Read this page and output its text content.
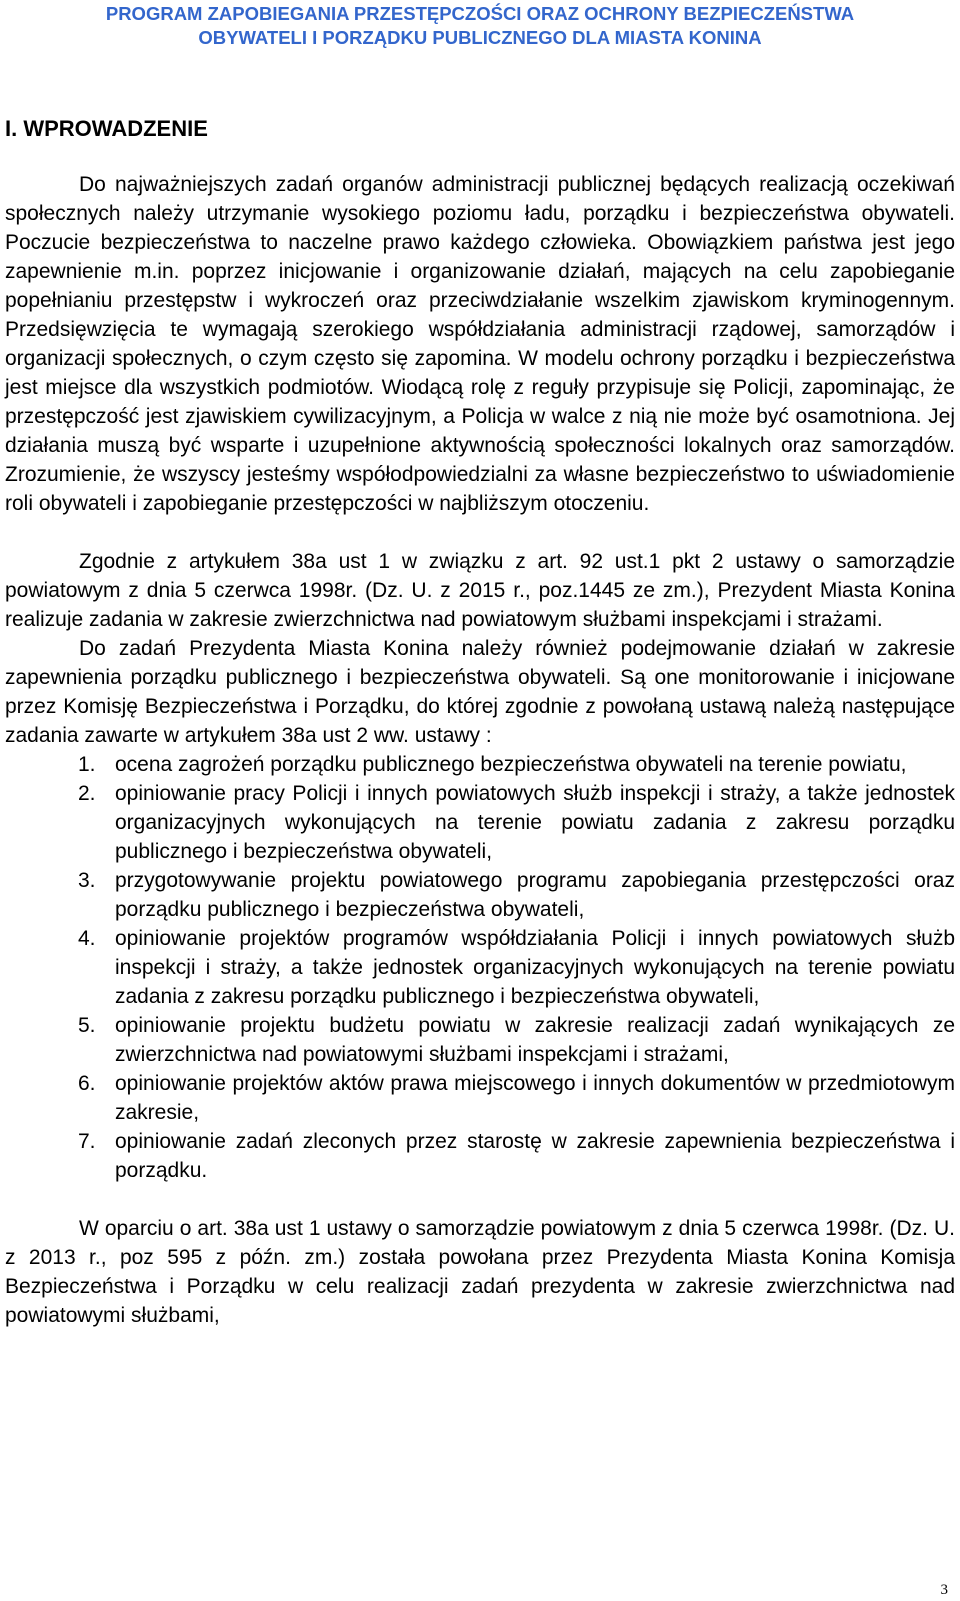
PROGRAM ZAPOBIEGANIA PRZESTĘPCZOŚCI ORAZ OCHRONY BEZPIECZEŃSTWA
OBYWATELI I PORZĄDKU PUBLICZNEGO DLA MIASTA KONINA
I. WPROWADZENIE

Do najważniejszych zadań organów administracji publicznej będących realizacją oczekiwań społecznych należy utrzymanie wysokiego poziomu ładu, porządku i bezpieczeństwa obywateli. Poczucie bezpieczeństwa to naczelne prawo każdego człowieka. Obowiązkiem państwa jest jego zapewnienie m.in. poprzez inicjowanie i organizowanie działań, mających na celu zapobieganie popełnianiu przestępstw i wykroczeń oraz przeciwdziałanie wszelkim zjawiskom kryminogennym. Przedsięwzięcia te wymagają szerokiego współdziałania administracji rządowej, samorządów i organizacji społecznych, o czym często się zapomina. W modelu ochrony porządku i bezpieczeństwa jest miejsce dla wszystkich podmiotów. Wiodącą rolę z reguły przypisuje się Policji, zapominając, że przestępczość jest zjawiskiem cywilizacyjnym, a Policja w walce z nią nie może być osamotniona. Jej działania muszą być wsparte i uzupełnione aktywnością społeczności lokalnych oraz samorządów. Zrozumienie, że wszyscy jesteśmy współodpowiedzialni za własne bezpieczeństwo to uświadomienie roli obywateli i zapobieganie przestępczości w najbliższym otoczeniu.

Zgodnie z artykułem 38a ust 1 w związku z art. 92 ust.1 pkt 2 ustawy o samorządzie powiatowym z dnia 5 czerwca 1998r. (Dz. U. z 2015 r., poz.1445 ze zm.), Prezydent Miasta Konina realizuje zadania w zakresie zwierzchnictwa nad powiatowym służbami inspekcjami i strażami.

Do zadań Prezydenta Miasta Konina należy również podejmowanie działań w zakresie zapewnienia porządku publicznego i bezpieczeństwa obywateli. Są one monitorowanie i inicjowane przez Komisję Bezpieczeństwa i Porządku, do której zgodnie z powołaną ustawą należą następujące zadania zawarte w artykułem 38a ust 2 ww. ustawy :

1. ocena zagrożeń porządku publicznego bezpieczeństwa obywateli na terenie powiatu,
2. opiniowanie pracy Policji i innych powiatowych służb inspekcji i straży, a także jednostek organizacyjnych wykonujących na terenie powiatu zadania z zakresu porządku publicznego i bezpieczeństwa obywateli,
3. przygotowywanie projektu powiatowego programu zapobiegania przestępczości oraz porządku publicznego i bezpieczeństwa obywateli,
4. opiniowanie projektów programów współdziałania Policji i innych powiatowych służb inspekcji i straży, a także jednostek organizacyjnych wykonujących na terenie powiatu zadania z zakresu porządku publicznego i bezpieczeństwa obywateli,
5. opiniowanie projektu budżetu powiatu w zakresie realizacji zadań wynikających ze zwierzchnictwa nad powiatowymi służbami inspekcjami i strażami,
6. opiniowanie projektów aktów prawa miejscowego i innych dokumentów w przedmiotowym zakresie,
7. opiniowanie zadań zleconych przez starostę w zakresie zapewnienia bezpieczeństwa i porządku.

W oparciu o art. 38a ust 1 ustawy o samorządzie powiatowym z dnia 5 czerwca 1998r. (Dz. U. z 2013 r., poz 595 z późn. zm.) została powołana przez Prezydenta Miasta Konina Komisja Bezpieczeństwa i Porządku w celu realizacji zadań prezydenta w zakresie zwierzchnictwa nad powiatowymi służbami,

3
